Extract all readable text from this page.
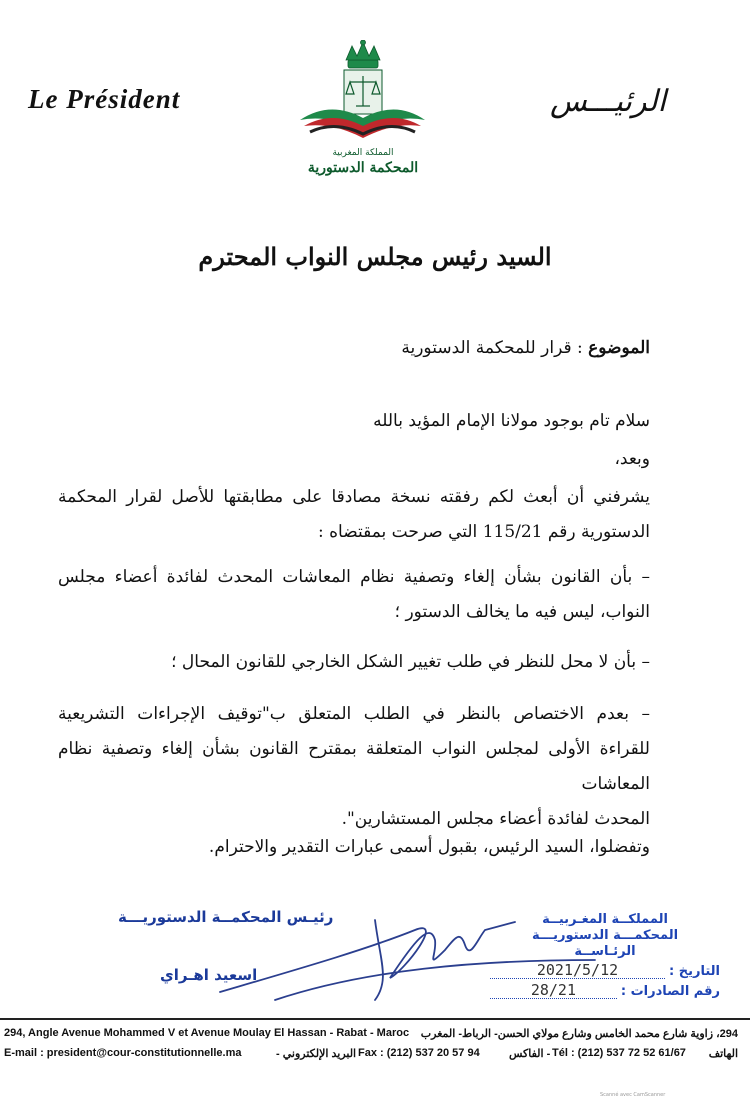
Le Président	الرئيـــس
المملكة المغربية
المحكمة الدستورية
السيد رئيس مجلس النواب المحترم
الموضوع : قرار للمحكمة الدستورية
سلام تام بوجود مولانا الإمام المؤيد بالله
وبعد،
يشرفني أن أبعث لكم رفقته نسخة مصادقا على مطابقتها للأصل لقرار المحكمة
الدستورية رقم 115/21 التي صرحت بمقتضاه :
– بأن القانون بشأن إلغاء وتصفية نظام المعاشات المحدث لفائدة أعضاء مجلس
النواب، ليس فيه ما يخالف الدستور ؛
– بأن لا محل للنظر في طلب تغيير الشكل الخارجي للقانون المحال ؛
– بعدم الاختصاص بالنظر في الطلب المتعلق ب"توقيف الإجراءات التشريعية
للقراءة الأولى لمجلس النواب المتعلقة بمقترح القانون بشأن إلغاء وتصفية نظام المعاشات
المحدث لفائدة أعضاء مجلس المستشارين".
وتفضلوا، السيد الرئيس، بقبول أسمى عبارات التقدير والاحترام.
رئيـس المحكمــة الدستوريـــة
اسعيد اهـراي
المملكــة المغـربيــة
المحكمـــة الدستوريـــة
الرئـاســة
التاريخ :
2021/5/12
رقم الصادرات :
28/21
294, Angle Avenue Mohammed V et Avenue Moulay El Hassan - Rabat - Maroc 294، زاوية شارع محمد الخامس وشارع مولاي الحسن- الرباط- المغرب
E-mail : president@cour-constitutionnelle.ma	- البريد الإلكتروني Fax : (212) 537 20 57 94	- الفاكس Tél : (212) 537 72 52 61/67 الهاتف
Scanné avec CamScanner
